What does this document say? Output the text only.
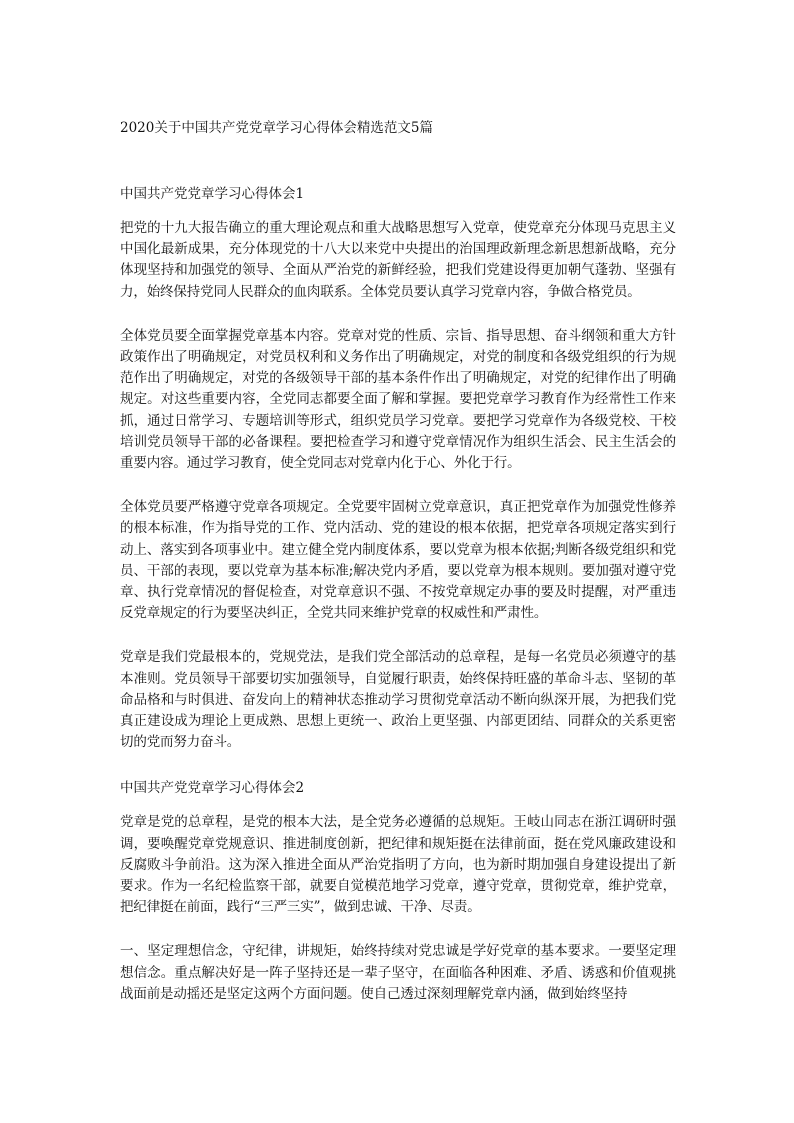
2020关于中国共产党党章学习心得体会精选范文5篇
中国共产党党章学习心得体会1

把党的十九大报告确立的重大理论观点和重大战略思想写入党章，使党章充分体现马克思主义中国化最新成果，充分体现党的十八大以来党中央提出的治国理政新理念新思想新战略，充分体现坚持和加强党的领导、全面从严治党的新鲜经验，把我们党建设得更加朝气蓬勃、坚强有力，始终保持党同人民群众的血肉联系。全体党员要认真学习党章内容，争做合格党员。

全体党员要全面掌握党章基本内容。党章对党的性质、宗旨、指导思想、奋斗纲领和重大方针政策作出了明确规定，对党员权利和义务作出了明确规定，对党的制度和各级党组织的行为规范作出了明确规定，对党的各级领导干部的基本条件作出了明确规定，对党的纪律作出了明确规定。对这些重要内容，全党同志都要全面了解和掌握。要把党章学习教育作为经常性工作来抓，通过日常学习、专题培训等形式，组织党员学习党章。要把学习党章作为各级党校、干校培训党员领导干部的必备课程。要把检查学习和遵守党章情况作为组织生活会、民主生活会的重要内容。通过学习教育，使全党同志对党章内化于心、外化于行。

全体党员要严格遵守党章各项规定。全党要牢固树立党章意识，真正把党章作为加强党性修养的根本标准，作为指导党的工作、党内活动、党的建设的根本依据，把党章各项规定落实到行动上、落实到各项事业中。建立健全党内制度体系，要以党章为根本依据;判断各级党组织和党员、干部的表现，要以党章为基本标准;解决党内矛盾，要以党章为根本规则。要加强对遵守党章、执行党章情况的督促检查，对党章意识不强、不按党章规定办事的要及时提醒，对严重违反党章规定的行为要坚决纠正，全党共同来维护党章的权威性和严肃性。

党章是我们党最根本的，党规党法，是我们党全部活动的总章程，是每一名党员必须遵守的基本准则。党员领导干部要切实加强领导，自觉履行职责，始终保持旺盛的革命斗志、坚韧的革命品格和与时俱进、奋发向上的精神状态推动学习贯彻党章活动不断向纵深开展，为把我们党真正建设成为理论上更成熟、思想上更统一、政治上更坚强、内部更团结、同群众的关系更密切的党而努力奋斗。

中国共产党党章学习心得体会2

党章是党的总章程，是党的根本大法，是全党务必遵循的总规矩。王岐山同志在浙江调研时强调，要唤醒党章党规意识、推进制度创新，把纪律和规矩挺在法律前面，挺在党风廉政建设和反腐败斗争前沿。这为深入推进全面从严治党指明了方向，也为新时期加强自身建设提出了新要求。作为一名纪检监察干部，就要自觉模范地学习党章，遵守党章，贯彻党章，维护党章，把纪律挺在前面，践行“三严三实”，做到忠诚、干净、尽责。

一、坚定理想信念，守纪律，讲规矩，始终持续对党忠诚是学好党章的基本要求。一要坚定理想信念。重点解决好是一阵子坚持还是一辈子坚守，在面临各种困难、矛盾、诱惑和价值观挑战面前是动摇还是坚定这两个方面问题。使自己透过深刻理解党章内涵，做到始终坚持
